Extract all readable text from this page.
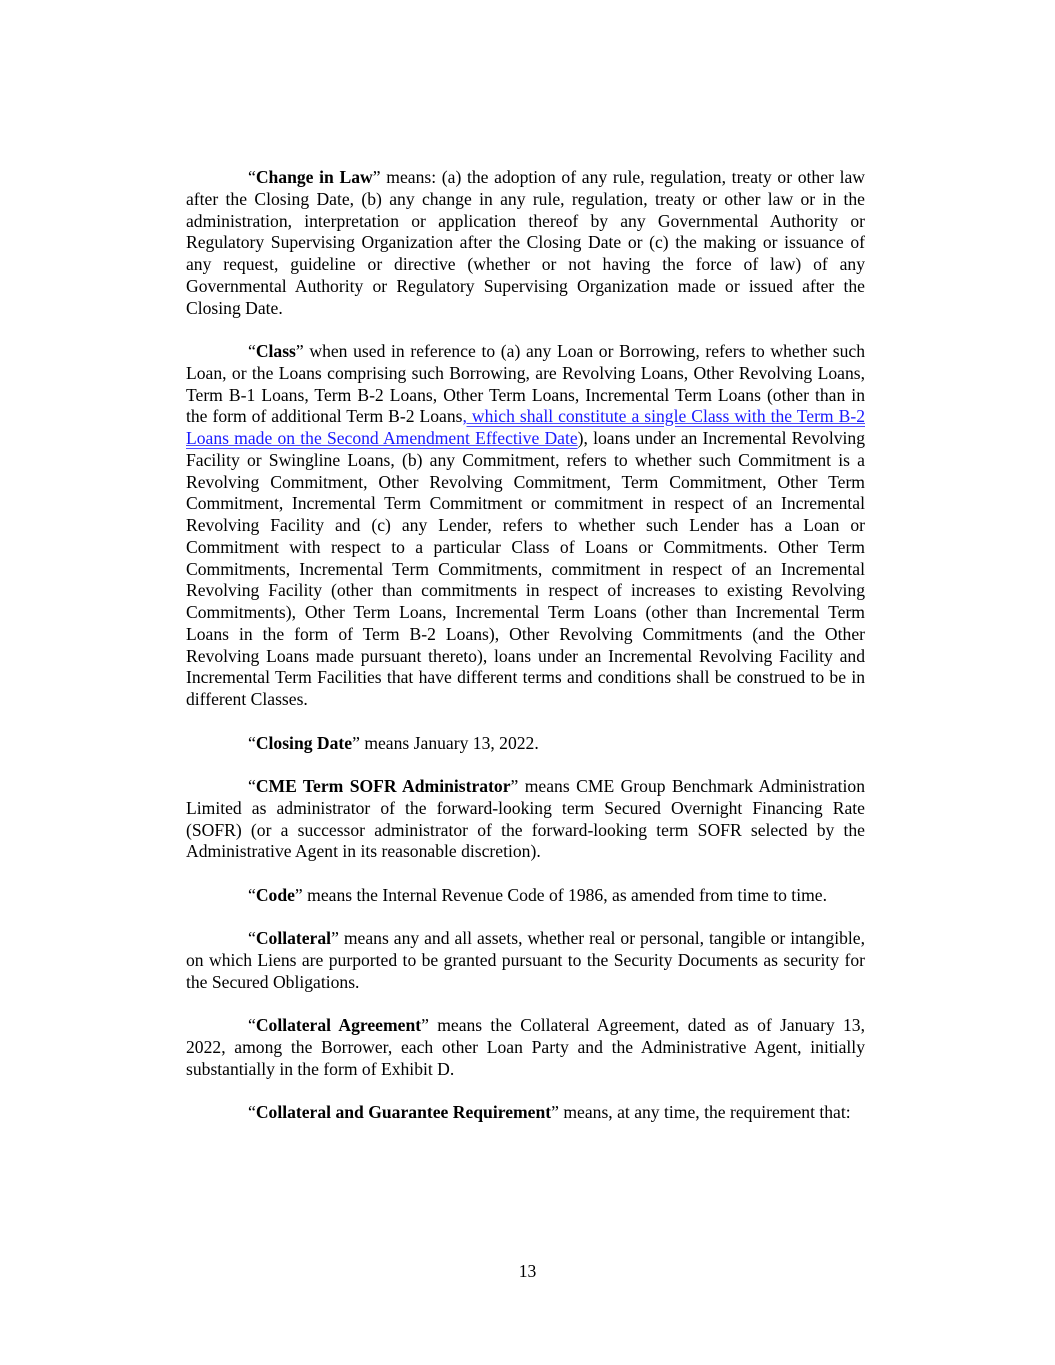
“Change in Law” means: (a) the adoption of any rule, regulation, treaty or other law after the Closing Date, (b) any change in any rule, regulation, treaty or other law or in the administration, interpretation or application thereof by any Governmental Authority or Regulatory Supervising Organization after the Closing Date or (c) the making or issuance of any request, guideline or directive (whether or not having the force of law) of any Governmental Authority or Regulatory Supervising Organization made or issued after the Closing Date.

“Class” when used in reference to (a) any Loan or Borrowing, refers to whether such Loan, or the Loans comprising such Borrowing, are Revolving Loans, Other Revolving Loans, Term B-1 Loans, Term B-2 Loans, Other Term Loans, Incremental Term Loans (other than in the form of additional Term B-2 Loans, which shall constitute a single Class with the Term B-2 Loans made on the Second Amendment Effective Date), loans under an Incremental Revolving Facility or Swingline Loans, (b) any Commitment, refers to whether such Commitment is a Revolving Commitment, Other Revolving Commitment, Term Commitment, Other Term Commitment, Incremental Term Commitment or commitment in respect of an Incremental Revolving Facility and (c) any Lender, refers to whether such Lender has a Loan or Commitment with respect to a particular Class of Loans or Commitments. Other Term Commitments, Incremental Term Commitments, commitment in respect of an Incremental Revolving Facility (other than commitments in respect of increases to existing Revolving Commitments), Other Term Loans, Incremental Term Loans (other than Incremental Term Loans in the form of Term B-2 Loans), Other Revolving Commitments (and the Other Revolving Loans made pursuant thereto), loans under an Incremental Revolving Facility and Incremental Term Facilities that have different terms and conditions shall be construed to be in different Classes.

“Closing Date” means January 13, 2022.

“CME Term SOFR Administrator” means CME Group Benchmark Administration Limited as administrator of the forward-looking term Secured Overnight Financing Rate (SOFR) (or a successor administrator of the forward-looking term SOFR selected by the Administrative Agent in its reasonable discretion).

“Code” means the Internal Revenue Code of 1986, as amended from time to time.

“Collateral” means any and all assets, whether real or personal, tangible or intangible, on which Liens are purported to be granted pursuant to the Security Documents as security for the Secured Obligations.

“Collateral Agreement” means the Collateral Agreement, dated as of January 13, 2022, among the Borrower, each other Loan Party and the Administrative Agent, initially substantially in the form of Exhibit D.

“Collateral and Guarantee Requirement” means, at any time, the requirement that:

13
